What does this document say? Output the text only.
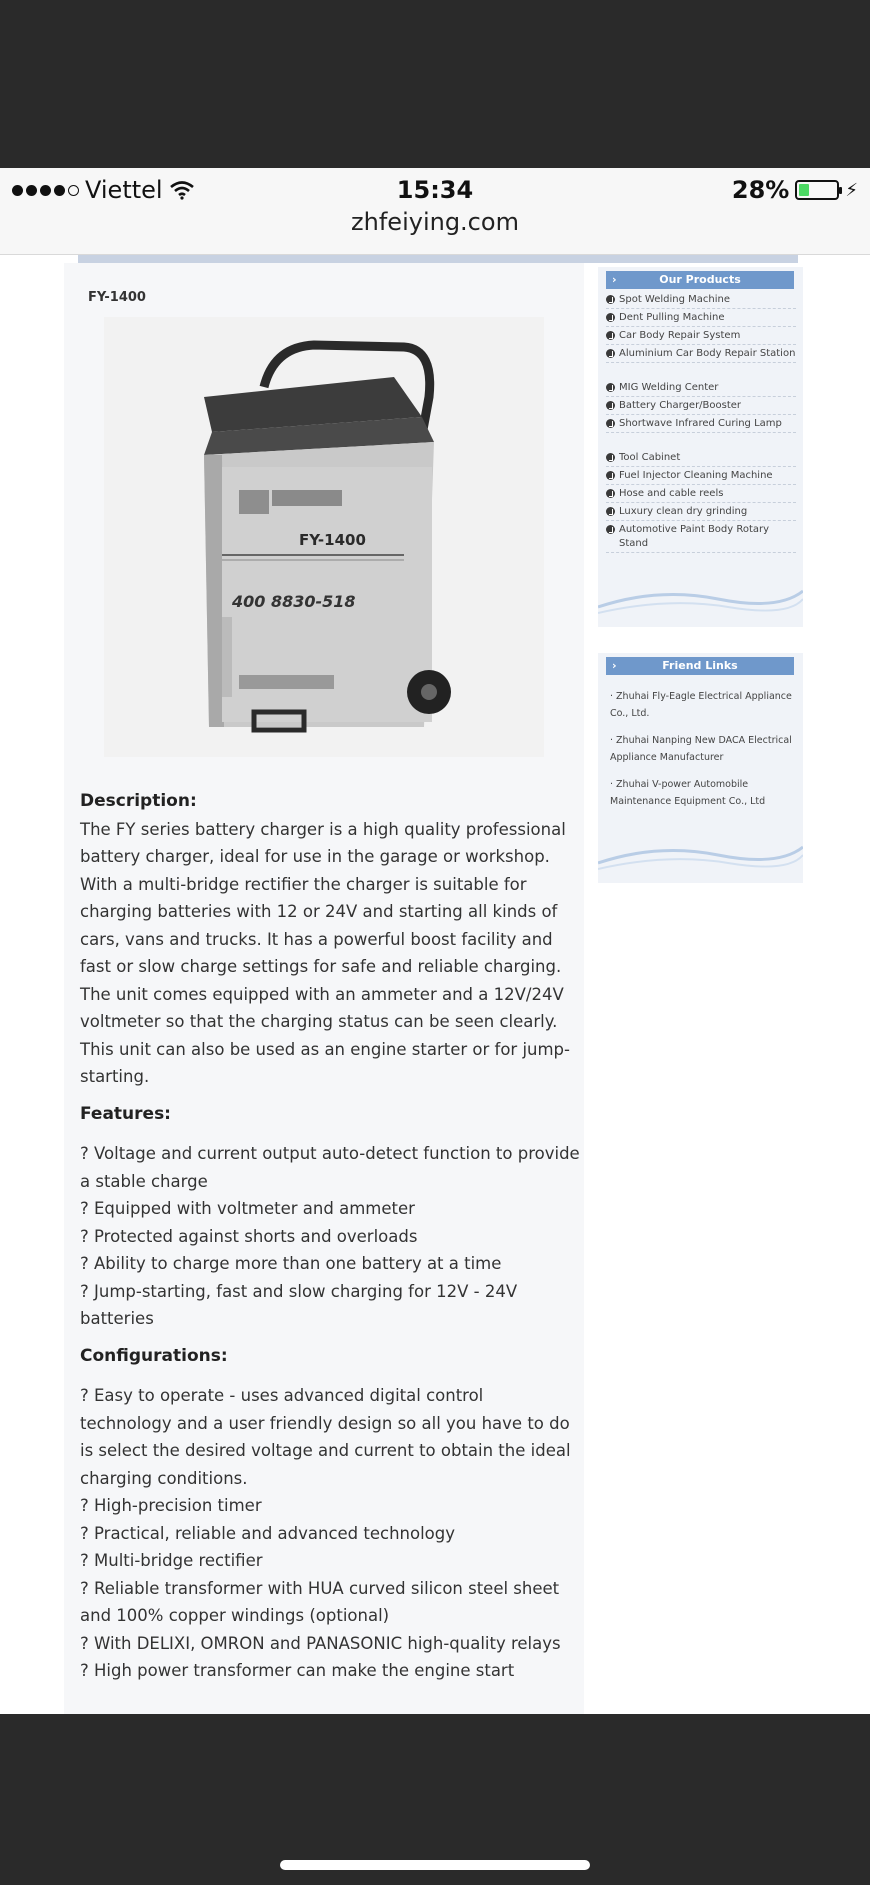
Viettel	15:34
zhfeiying.com
28%	⚡
FY-1400
FY-1400
400 8830-518
Description:

The FY series battery charger is a high quality professional battery charger, ideal for use in the garage or workshop. With a multi-bridge rectifier the charger is suitable for charging batteries with 12 or 24V and starting all kinds of cars, vans and trucks. It has a powerful boost facility and fast or slow charge settings for safe and reliable charging. The unit comes equipped with an ammeter and a 12V/24V voltmeter so that the charging status can be seen clearly. This unit can also be used as an engine starter or for jump-starting.

Features:

? Voltage and current output auto-detect function to provide a stable charge

? Equipped with voltmeter and ammeter

? Protected against shorts and overloads

? Ability to charge more than one battery at a time

? Jump-starting, fast and slow charging for 12V - 24V batteries

Configurations:

? Easy to operate - uses advanced digital control technology and a user friendly design so all you have to do is select the desired voltage and current to obtain the ideal charging conditions.

? High-precision timer

? Practical, reliable and advanced technology

? Multi-bridge rectifier

? Reliable transformer with HUA curved silicon steel sheet and 100% copper windings (optional)

? With DELIXI, OMRON and PANASONIC high-quality relays

? High power transformer can make the engine start

›	Our Products
Spot Welding Machine
Dent Pulling Machine
Car Body Repair System
Aluminium Car Body Repair Station
MIG Welding Center
Battery Charger/Booster
Shortwave Infrared Curing Lamp
Tool Cabinet
Fuel Injector Cleaning Machine
Hose and cable reels
Luxury clean dry grinding
Automotive Paint Body Rotary Stand
›	Friend Links
· Zhuhai Fly-Eagle Electrical Appliance Co., Ltd.
· Zhuhai Nanping New DACA Electrical Appliance Manufacturer
· Zhuhai V-power Automobile Maintenance Equipment Co., Ltd
